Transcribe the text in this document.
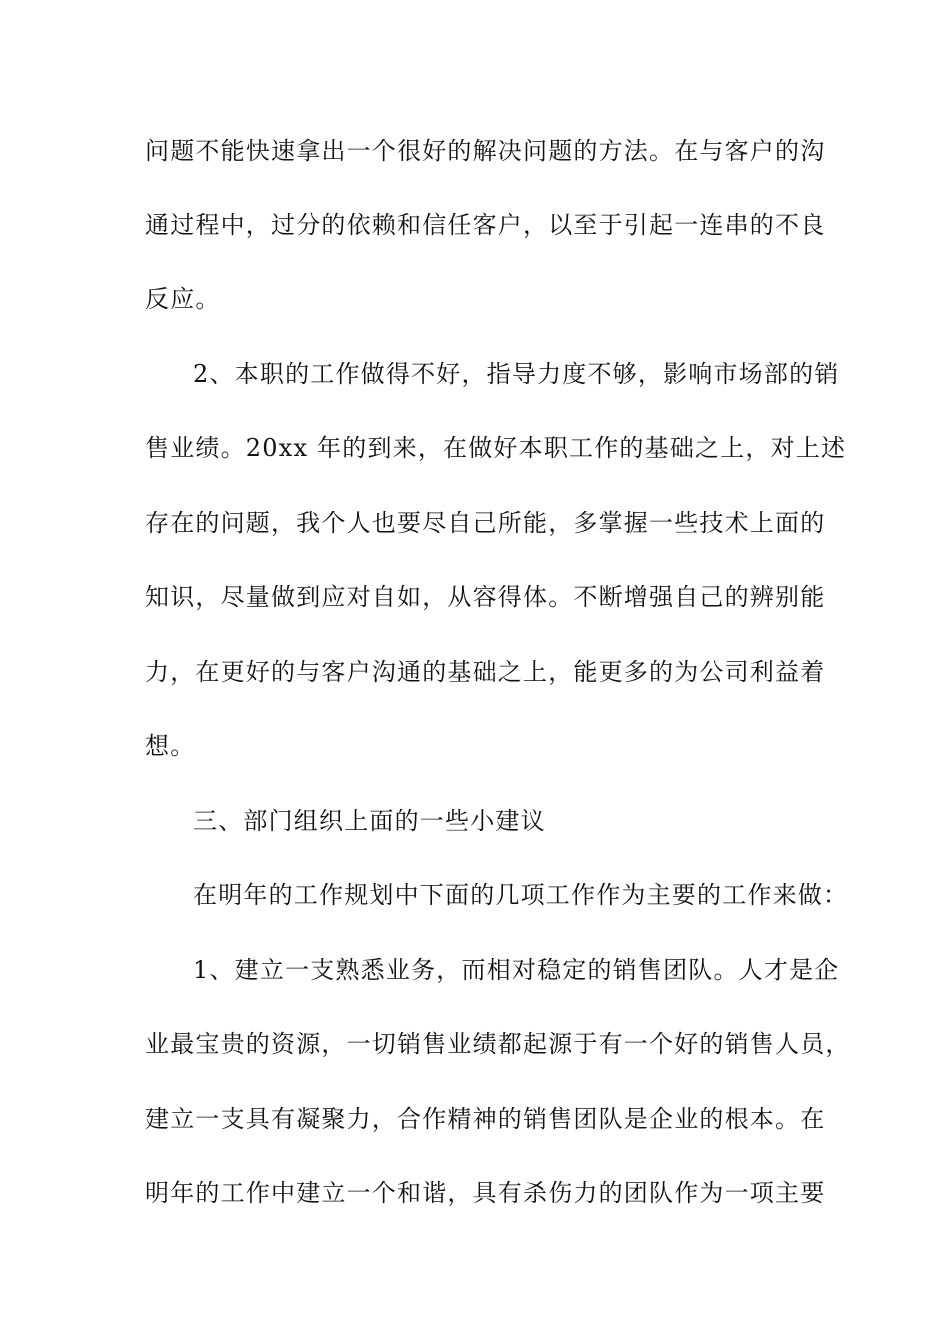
问题不能快速拿出一个很好的解决问题的方法。在与客户的沟
通过程中，过分的依赖和信任客户，以至于引起一连串的不良
反应。
2、本职的工作做得不好，指导力度不够，影响市场部的销
售业绩。20xx 年的到来，在做好本职工作的基础之上，对上述
存在的问题，我个人也要尽自己所能，多掌握一些技术上面的
知识，尽量做到应对自如，从容得体。不断增强自己的辨别能
力，在更好的与客户沟通的基础之上，能更多的为公司利益着
想。
三、部门组织上面的一些小建议
在明年的工作规划中下面的几项工作作为主要的工作来做：
1、建立一支熟悉业务，而相对稳定的销售团队。人才是企
业最宝贵的资源，一切销售业绩都起源于有一个好的销售人员，
建立一支具有凝聚力，合作精神的销售团队是企业的根本。在
明年的工作中建立一个和谐，具有杀伤力的团队作为一项主要
